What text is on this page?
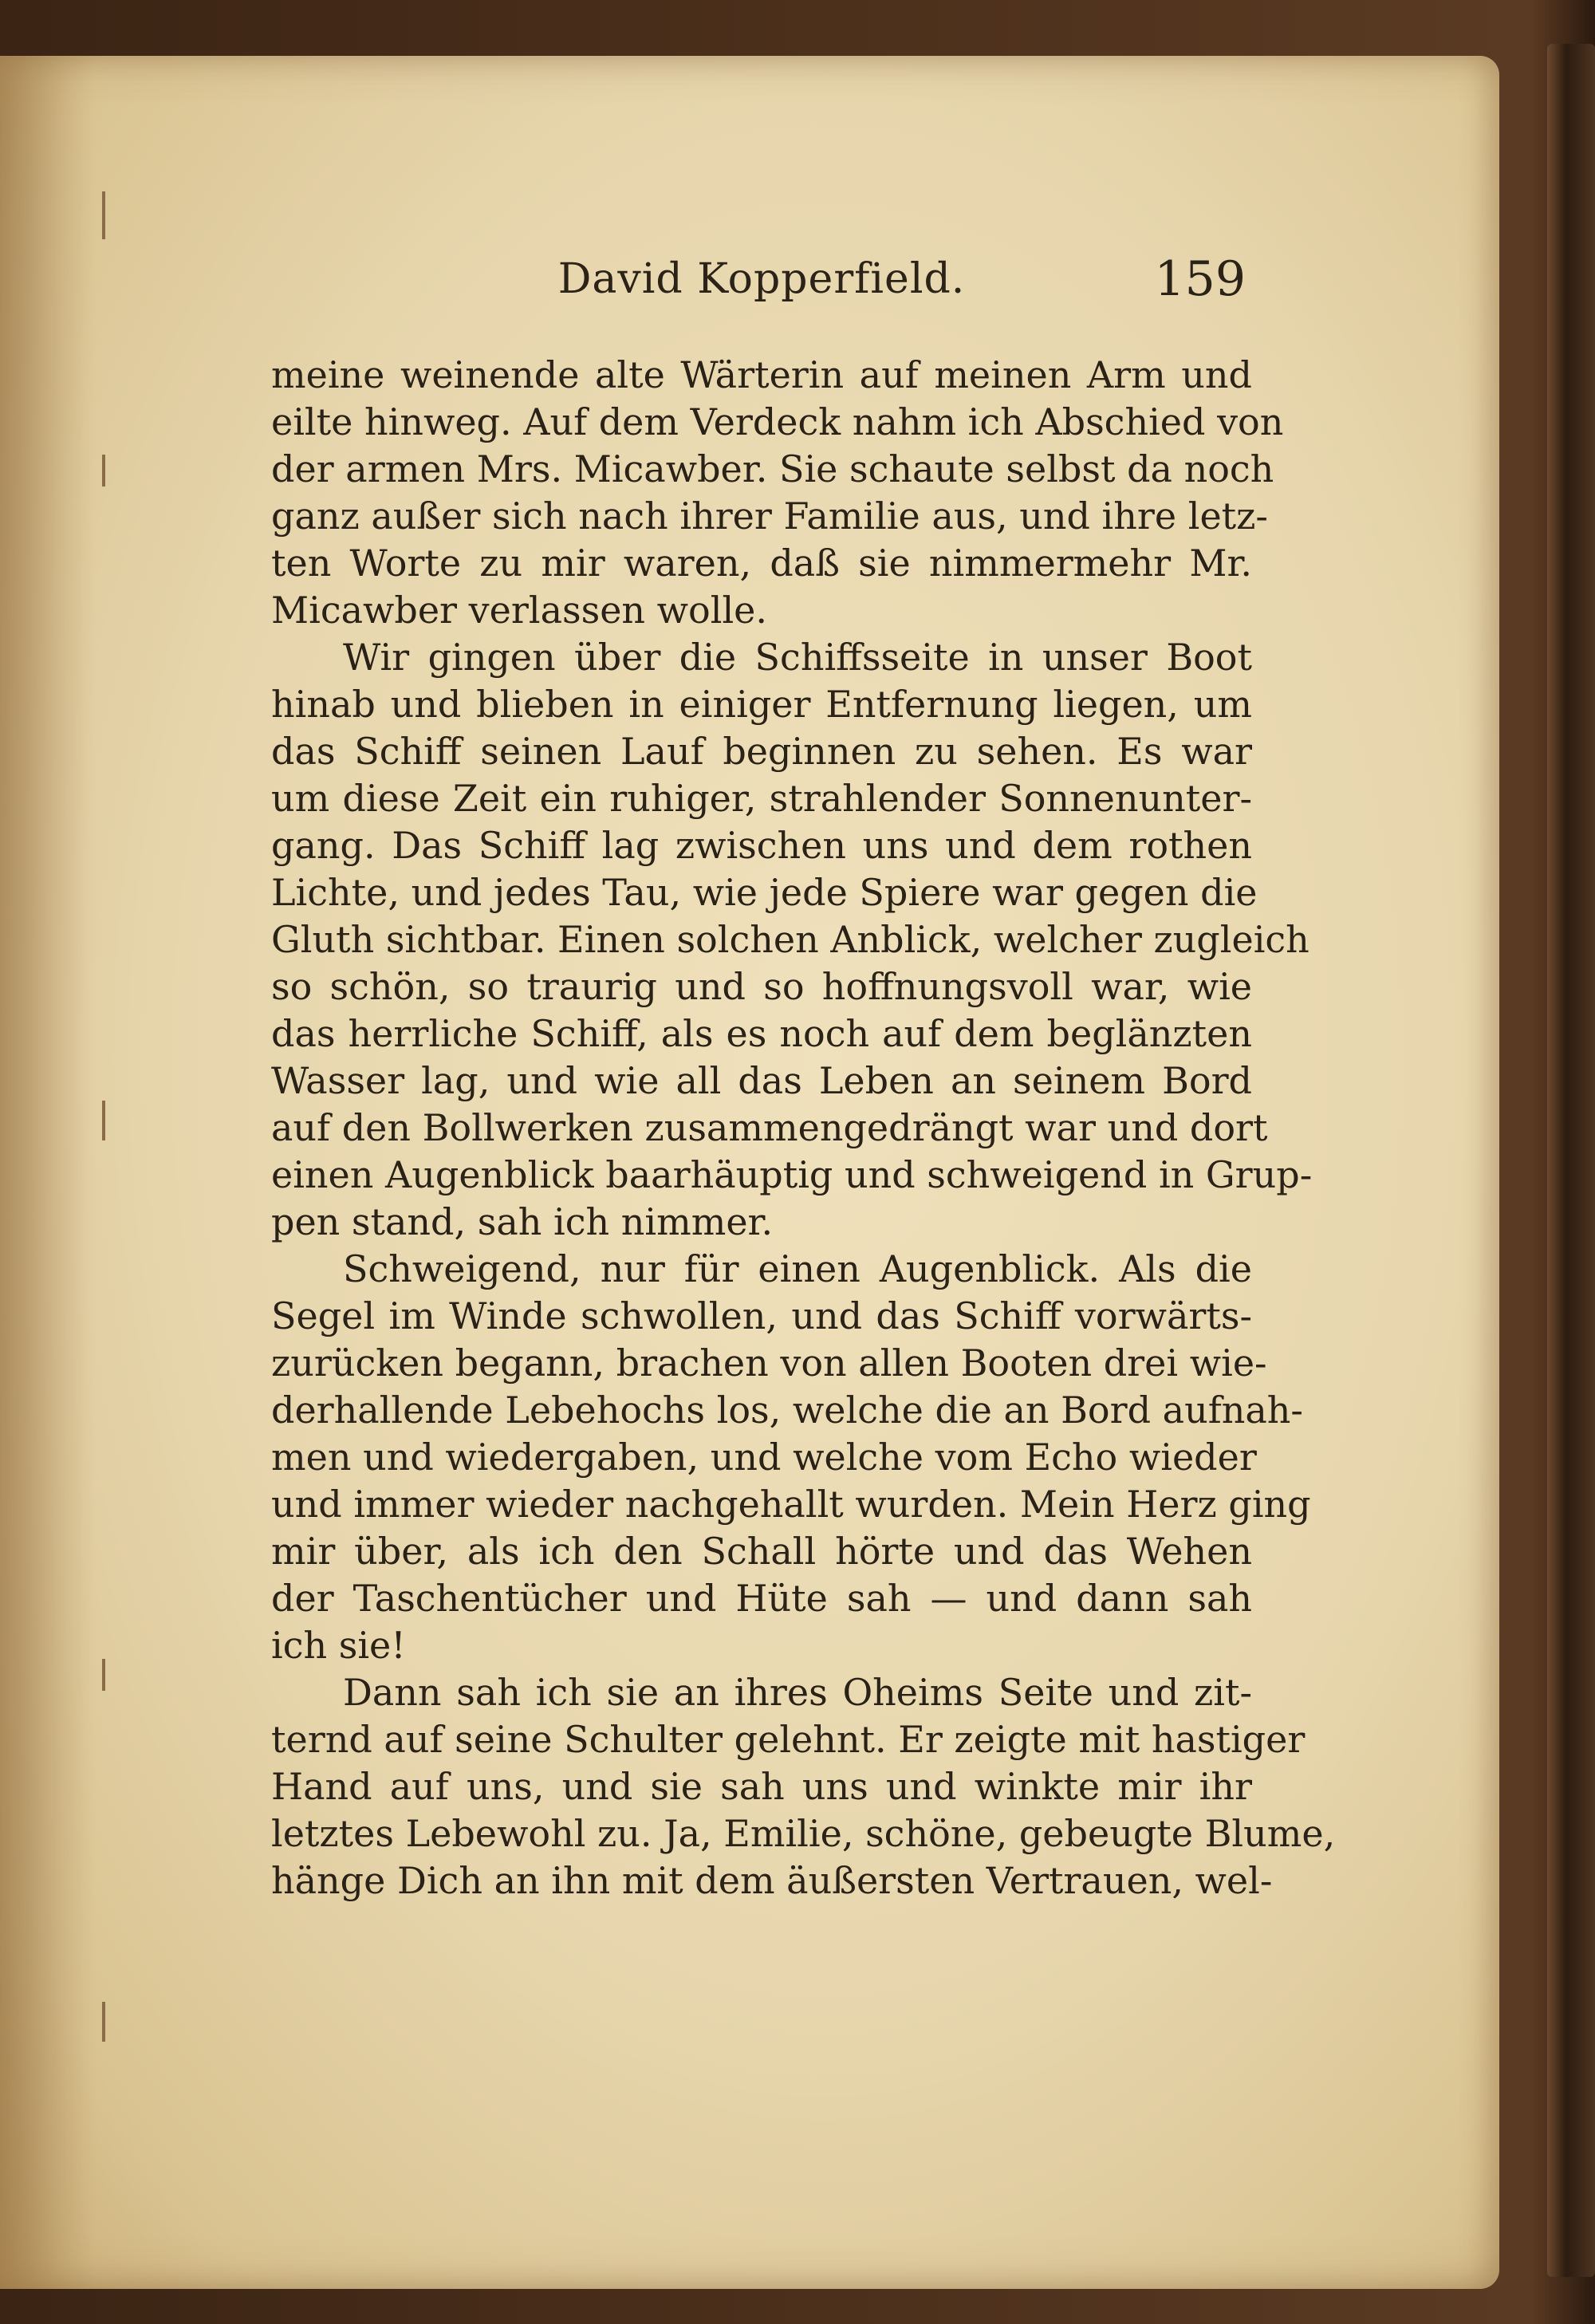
David Kopperfield.	159
meine weinende alte Wärterin auf meinen Arm und
eilte hinweg. Auf dem Verdeck nahm ich Abschied von
der armen Mrs. Micawber. Sie schaute selbst da noch
ganz außer sich nach ihrer Familie aus, und ihre letz-
ten Worte zu mir waren, daß sie nimmermehr Mr.
Micawber verlassen wolle.
Wir gingen über die Schiffsseite in unser Boot
hinab und blieben in einiger Entfernung liegen, um
das Schiff seinen Lauf beginnen zu sehen. Es war
um diese Zeit ein ruhiger, strahlender Sonnenunter-
gang. Das Schiff lag zwischen uns und dem rothen
Lichte, und jedes Tau, wie jede Spiere war gegen die
Gluth sichtbar. Einen solchen Anblick, welcher zugleich
so schön, so traurig und so hoffnungsvoll war, wie
das herrliche Schiff, als es noch auf dem beglänzten
Wasser lag, und wie all das Leben an seinem Bord
auf den Bollwerken zusammengedrängt war und dort
einen Augenblick baarhäuptig und schweigend in Grup-
pen stand, sah ich nimmer.
Schweigend, nur für einen Augenblick. Als die
Segel im Winde schwollen, und das Schiff vorwärts-
zurücken begann, brachen von allen Booten drei wie-
derhallende Lebehochs los, welche die an Bord aufnah-
men und wiedergaben, und welche vom Echo wieder
und immer wieder nachgehallt wurden. Mein Herz ging
mir über, als ich den Schall hörte und das Wehen
der Taschentücher und Hüte sah — und dann sah
ich sie!
Dann sah ich sie an ihres Oheims Seite und zit-
ternd auf seine Schulter gelehnt. Er zeigte mit hastiger
Hand auf uns, und sie sah uns und winkte mir ihr
letztes Lebewohl zu. Ja, Emilie, schöne, gebeugte Blume,
hänge Dich an ihn mit dem äußersten Vertrauen, wel-
